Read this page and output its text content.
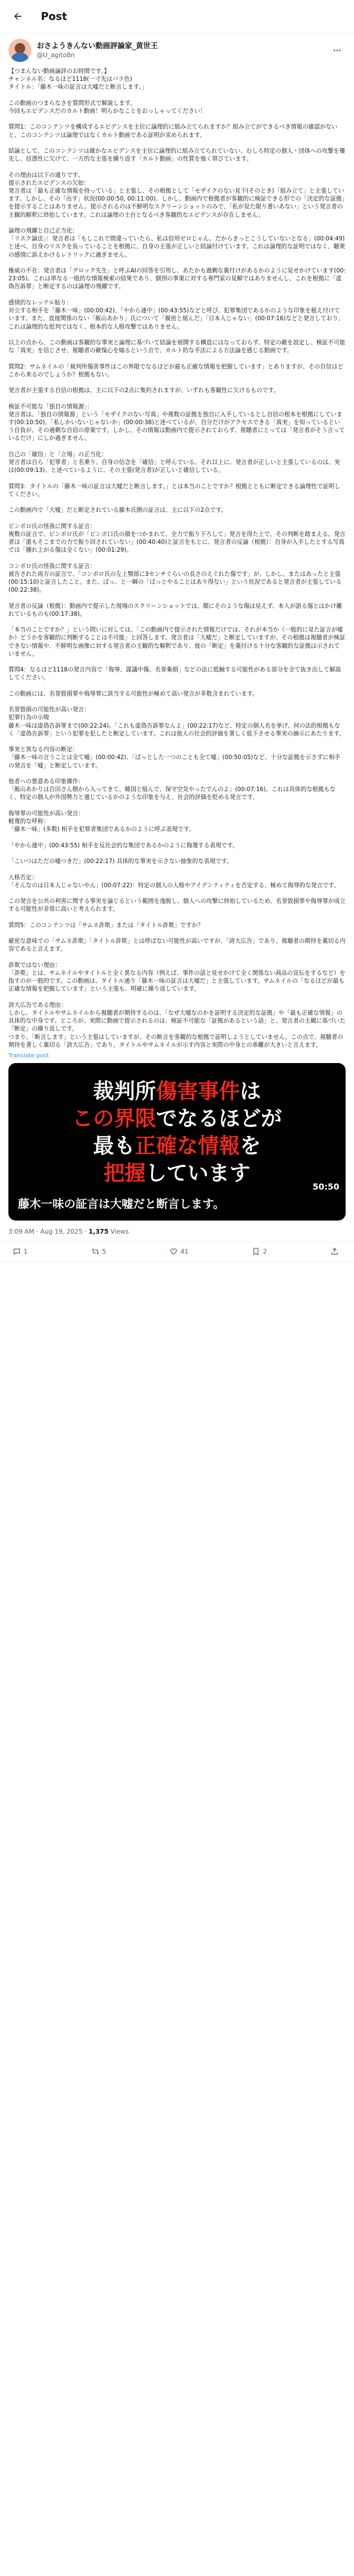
Post
おさようきんない動画評論家_黄世王
@U_agito8n
【つまんない動画論評のお時間です。】
チャンネル名：なるほど1118(一寸先はバラ色)
タイトル：「藤木一味の証言は大嘘だと断言します。」

この動画のつまらなさを質問形式で解説します。
今回もエビデンスだのカルト動画！明らかなことをおっしゃってください！

質問1：このコンテンツを構成するエビデンスを主位に論理的に組み立てられますか？組み立てができるべき情報の確認がないと、このコンテンツは論理ではなくカルト動画である証明が求められます。

結論として、このコンテンツは確かなエビデンスを主位に論理的に組み立てられていない、むしろ特定の個人・団体への攻撃を優先し、信憑性に欠けて、一方的な主張を繰り返す「カルト動画」の性質を強く帯びています。

その理由は以下の通りです。
提示されたエビデンスの欠如：
発言者は「最も正確な情報を持っている」と主張し、その根拠として「モザイクのない見下(そのとき)「組み立て」と主張しています。しかし、その「出す」状況(00:00:50, 00:11:00)。しかし、動画内で根拠者が客観的に検証できる形での「決定的な証拠」を提示することはありません。提示されるのは不鮮明なスクリーンショットのみで、「私が見た限り書いあない」という発言者の主観的解釈に終始しています。これは論理の土台となるべき客観的なエビデンスが存在しません。

論理の飛躍と自己正当化：
「リスク論法」：発言者は「もしこれで間違っていたら、私は信用ゼロじゃん。だからきっとこうしていないとなる」(00:04:49)と述べ、自身のリスクを負っていることを根拠に、自身の主張が正しいと結論付けています。これは論理的な証明ではなく、聴衆の感情に訴えかけるレトリックに過ぎません。

権威の不在：発言者は「グロック先生」と呼ぶAIの回答を引用し、あたかも過剰な裏付けがあるかのように見せかけています(00:23:05)。これは単なる一般的な情報検索の結果であり、個別の事案に対する専門家の見解ではありませんし、これを根拠に「虚偽告訴罪」と断定するのは論理の飛躍です。

感情的なレッテル貼り：
対立する相手を「藤木一味」(00:00:42)、「やから連中」(00:43:55)などと呼び、犯罪集団であるかのような印象を植え付けています。また、直接関係のない「飯山あかり」氏について「親密と組んだ」「日本人じゃない」(00:07:16)などと発言しており、これは論理的な批判ではなく、根本的な人格攻撃ではありません。

以上の点から、この動画は客観的な事実と論理に基づいて結論を展開する構造にはなっておらず、特定の敵を設定し、検証不可能な「真実」を信じさせ、視聴者の敵愾心を煽るという点で、カルト的な手法による方法論を感じる動画です。

質問2：サムネイルの「裁判所傷害事件はこの界限でなるほどが最も正確な情報を把握しています」とありますが、その自信はどこから来るのでしょうか？根拠もない。

発言者が主張する自信の根拠は、主に以下の2点に集約されますが、いずれも客観性に欠けるものです。

検証不可能な「独自の情報源」：
発言者は、「独自の情報源」という「モザイクのない写真」や複数の証拠を独自に入手しているとし自信の根本を根拠にしています(00:10:50)。「私しかいないじゃないか」(00:00:38)と述べているが、自分だけがアクセスできる「真実」を知っているという自負が、その過剰な自信の原案です。しかし、その情報は動画内で提示されておらず、視聴者にとっては「発言者がそう言っているだけ」にしか過ぎません。

自己の「確信」と「立場」の正当化：
発言者は自ら「犯罪者」と名乗り、自身の信念を「確信」と呼んでいる。それ以上に、発言者が正しいと主張しているのは、実は(00:09:13)、と述べているように、その主張(発言者)が正しいと確信している。

質問3：タイトルの「藤木一味の証言は大嘘だと断言します。」とは本当のことですか？根拠とともに断定できる論理性で証明してください。

この動画内で「大嘘」だと断定されている藤木氏側の証言は、主に以下の2点です。

ピンポロ氏の怪我に関する証言：
複数の証言で、ピンポロ氏が「ピンボ口氏の顔をつかまれて、全力で振り下ろして」発言を得た上で、その判断を踏まえる。発言者は「誰もそこまでの力で振り回されていない」(00:40:40)と証言をもとに、発言者の反論（根拠）：自身が入手したとする写真では「腫れ上がる傷は全くない」(00:01:29)。

コンポロ氏の怪我に関する証言：
被告された両方の証言で、「コンポロ氏の左上顎部に3センチぐらいの長さのえぐれた傷です」が、しかし、またはあったと主張(00:15:10)と証言したこと。また、ぱっ、と一瞬の「ぱっとやることはあり得ない」という状況であると発言者が主張している(00:22:38)。

発言者の反論（根拠）：動画内で提示した現場のスクリーンショットでは、額にそのような傷は見えず、本人が語る傷とはかけ離れているものも(00:17:38)。

「本当のことですか？」という問いに対しては、「この動画内で提示された情報だけでは、それが本当か（一般的に見た証言が嘘か）どうかを客観的に判断することは不可能」と回答します。発言者は「大嘘だ」と断定していますが、その根拠は視聴者が検証できない情報や、不鮮明な画像に対する発言者の主観的な解釈であり、彼の「断定」を裏付ける十分な客観的な証拠は示されていません。

質問4：なるほど1118の発言内容で「侮辱、謀議中傷、名誉棄損」などの法に抵触する可能性がある部分を全て抜き出して解説してください。

この動画には、名誉毀損罪や侮辱罪に該当する可能性が極めて高い発言が多数含まれています。

名誉毀損の可能性が高い発言：
犯罪行為の示唆
藤木一味は虚偽告訴罪まで(00:22:24)。「これも虚偽告訴罪なんよ」(00:22:17)など、特定の個人名を挙げ、何の法的根拠もなく「虚偽告訴罪」という犯罪を犯したと断定しています。これは他人の社会的評価を著しく低下させる事実の摘示にあたります。

事実と異なる内容の断定：
「藤木一味の言うことは全て嘘」(00:00:42)、「ぱっとした一つのことも全て嘘」(00:50:05)など、十分な証拠を示さずに相手の発言を「嘘」と断定しています。

他者への悪意ある印象操作：
「飯山あかりは百田さん側から入ってきて、韓国と組んで、保守空気やったでんのよ」(00:07:16)。これは具体的な根拠もなく、特定の個人が外国勢力と通じているかのような印象を与え、社会的評価を貶める発言です。

侮辱罪の可能性が高い発言：
軽蔑的な呼称：
「藤木一味」(多数) 相手を犯罪者集団であるかのように呼ぶ表現です。

「やから連中」(00:43:55) 相手を反社会的な集団であるかのように侮蔑する表現です。

「こいつはただの嘘つきだ」(00:22:17) 具体的な事実を示さない抽象的な表現です。

人格否定：
「そんなのは日本人じゃないやん」(00:07:22)：特定の個人の人格やアイデンティティを否定する、極めて侮辱的な発言です。

この発言を公共の利害に関する事実を論じるという範囲を逸脱し、個人への攻撃に終始しているため、名誉毀損罪や侮辱罪が成立する可能性が非常に高いと考えられます。

質問5：このコンテンツは「サムネ詐欺」または「タイトル詐欺」ですか？

厳密な意味での「サムネ詐欺」「タイトル詐欺」とは呼ばない可能性が高いですが、「誇大広告」であり、視聴者の期待を裏切る内容であると言えます。

詐欺ではない理由：
「詐欺」とは、サムネイルやタイトルと全く異なる内容（例えば、事件の話と見せかけて全く関係ない商品の宣伝をするなど）を指すのが一般的です。この動画は、タイトル通り「藤木一味の証言は大嘘だ」と主張しています。サムネイルの「なるほどが最も正確な情報を把握しています」という主張も、明確に繰り返しています。

誇大広告である理由：
しかし、タイトルやサムネイルから視聴者が期待するのは、「なぜ大嘘なのかを証明する決定的な証拠」や「最も正確な情報」の具体的な中身です。ところが、実際に動画で提示されるのは、検証不可能な「証拠があるという話」と、発言者の主観に基づいた「断定」の繰り返しです。
つまり、「断言します」という主張はしていますが、その断言を客観的な根拠で証明しようとしていません。この点で、視聴者の期待を著しく裏切る「誇大広告」であり、タイトルやサムネイルが示す内容と実際の中身との乖離が大きいと言えます。
Translate post
裁判所傷害事件は
この界限でなるほどが
最も正確な情報を
把握しています
50:50
藤木一味の証言は大嘘だと断言します。
3:09 AM · Aug 19, 2025 · 1,375 Views
1	5	41	2
